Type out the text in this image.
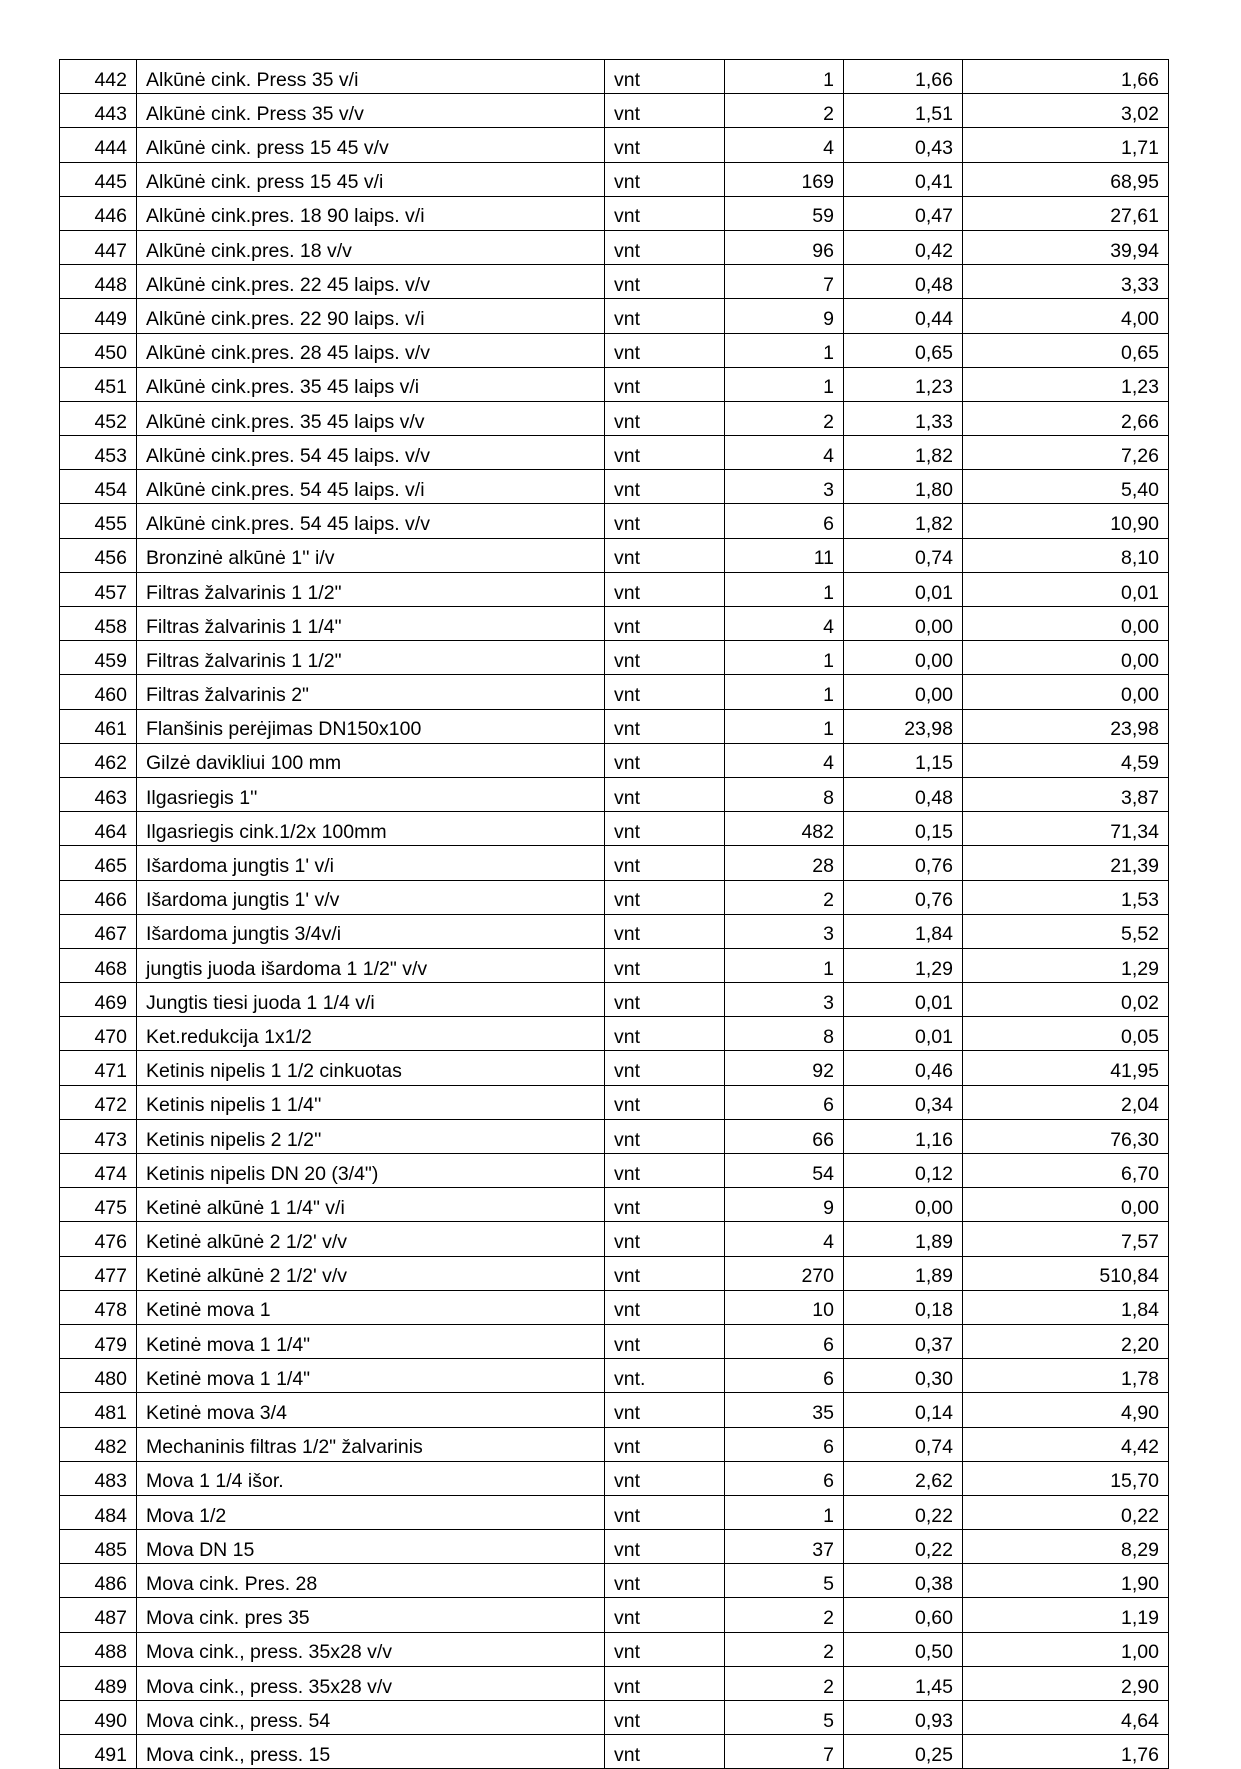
442	Alkūnė cink. Press 35 v/i	vnt	1	1,66	1,66
443	Alkūnė cink. Press 35 v/v	vnt	2	1,51	3,02
444	Alkūnė cink. press 15 45 v/v	vnt	4	0,43	1,71
445	Alkūnė cink. press 15 45 v/i	vnt	169	0,41	68,95
446	Alkūnė cink.pres. 18 90 laips. v/i	vnt	59	0,47	27,61
447	Alkūnė cink.pres. 18 v/v	vnt	96	0,42	39,94
448	Alkūnė cink.pres. 22 45 laips. v/v	vnt	7	0,48	3,33
449	Alkūnė cink.pres. 22 90 laips. v/i	vnt	9	0,44	4,00
450	Alkūnė cink.pres. 28 45 laips. v/v	vnt	1	0,65	0,65
451	Alkūnė cink.pres. 35 45 laips v/i	vnt	1	1,23	1,23
452	Alkūnė cink.pres. 35 45 laips v/v	vnt	2	1,33	2,66
453	Alkūnė cink.pres. 54 45 laips. v/v	vnt	4	1,82	7,26
454	Alkūnė cink.pres. 54 45 laips. v/i	vnt	3	1,80	5,40
455	Alkūnė cink.pres. 54 45 laips. v/v	vnt	6	1,82	10,90
456	Bronzinė alkūnė 1'' i/v	vnt	11	0,74	8,10
457	Filtras žalvarinis 1 1/2"	vnt	1	0,01	0,01
458	Filtras žalvarinis 1 1/4"	vnt	4	0,00	0,00
459	Filtras žalvarinis 1 1/2"	vnt	1	0,00	0,00
460	Filtras žalvarinis 2"	vnt	1	0,00	0,00
461	Flanšinis perėjimas DN150x100	vnt	1	23,98	23,98
462	Gilzė davikliui 100 mm	vnt	4	1,15	4,59
463	Ilgasriegis 1''	vnt	8	0,48	3,87
464	Ilgasriegis cink.1/2x 100mm	vnt	482	0,15	71,34
465	Išardoma jungtis 1' v/i	vnt	28	0,76	21,39
466	Išardoma jungtis 1' v/v	vnt	2	0,76	1,53
467	Išardoma jungtis 3/4v/i	vnt	3	1,84	5,52
468	jungtis juoda išardoma 1 1/2" v/v	vnt	1	1,29	1,29
469	Jungtis tiesi juoda 1 1/4 v/i	vnt	3	0,01	0,02
470	Ket.redukcija 1x1/2	vnt	8	0,01	0,05
471	Ketinis nipelis 1 1/2 cinkuotas	vnt	92	0,46	41,95
472	Ketinis nipelis 1 1/4''	vnt	6	0,34	2,04
473	Ketinis nipelis 2 1/2''	vnt	66	1,16	76,30
474	Ketinis nipelis DN 20 (3/4")	vnt	54	0,12	6,70
475	Ketinė alkūnė 1 1/4" v/i	vnt	9	0,00	0,00
476	Ketinė alkūnė 2 1/2' v/v	vnt	4	1,89	7,57
477	Ketinė alkūnė 2 1/2' v/v	vnt	270	1,89	510,84
478	Ketinė mova 1	vnt	10	0,18	1,84
479	Ketinė mova 1 1/4"	vnt	6	0,37	2,20
480	Ketinė mova 1 1/4"	vnt.	6	0,30	1,78
481	Ketinė mova 3/4	vnt	35	0,14	4,90
482	Mechaninis filtras 1/2" žalvarinis	vnt	6	0,74	4,42
483	Mova 1 1/4 išor.	vnt	6	2,62	15,70
484	Mova 1/2	vnt	1	0,22	0,22
485	Mova DN 15	vnt	37	0,22	8,29
486	Mova cink. Pres. 28	vnt	5	0,38	1,90
487	Mova cink. pres 35	vnt	2	0,60	1,19
488	Mova cink., press. 35x28 v/v	vnt	2	0,50	1,00
489	Mova cink., press. 35x28 v/v	vnt	2	1,45	2,90
490	Mova cink., press. 54	vnt	5	0,93	4,64
491	Mova cink., press. 15	vnt	7	0,25	1,76
